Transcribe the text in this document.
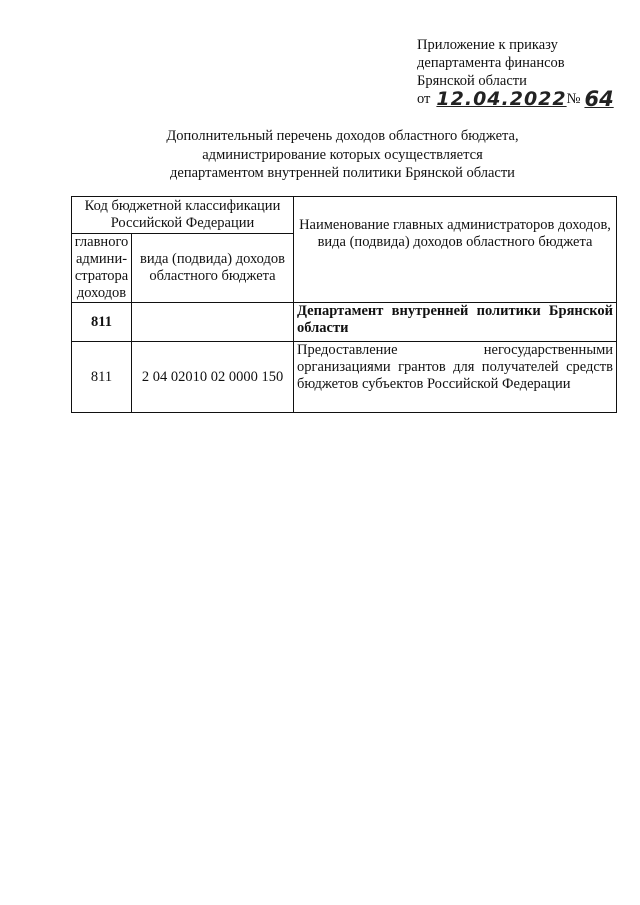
Приложение к приказу
департамента финансов
Брянской области
от 12.04.2022 № 64
Дополнительный перечень доходов областного бюджета,
администрирование которых осуществляется
департаментом внутренней политики Брянской области
Код бюджетной классификации Российской Федерации		Наименование главных администраторов доходов, вида (подвида) доходов областного бюджета
главного админи-стратора доходов	вида (подвида) доходов областного бюджета	
811		Департамент внутренней политики Брянской области
811	2 04 02010 02 0000 150	Предоставление негосударственными организациями грантов для получателей средств бюджетов субъектов Российской Федерации
